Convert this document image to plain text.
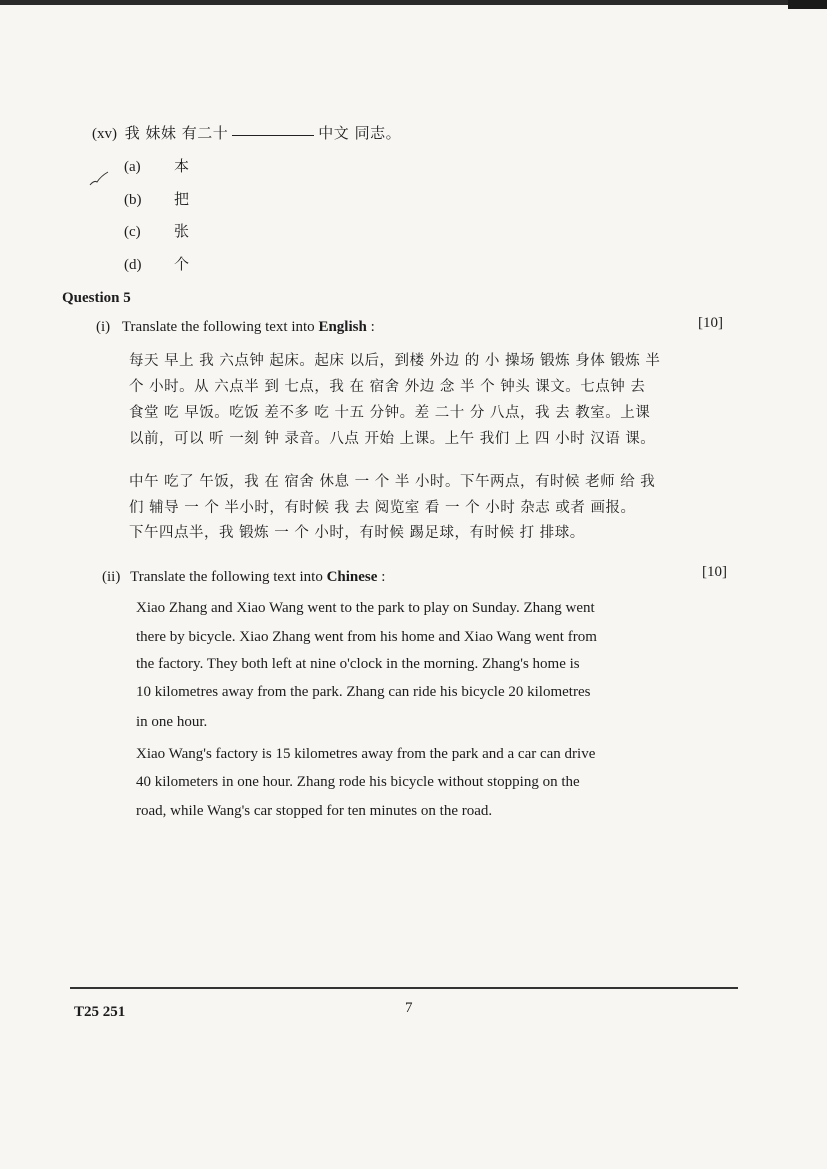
(xv) 我 妹妹 有二十	中文 同志。
(a) 本
(b) 把
(c) 张
(d) 个
Question 5
(i) Translate the following text into English :	[10]
每天 早上 我 六点钟 起床。起床 以后，到楼 外边 的 小 操场 锻炼 身体 锻炼 半
个 小时。从 六点半 到 七点，我 在 宿舍 外边 念 半 个 钟头 课文。七点钟 去
食堂 吃 早饭。吃饭 差不多 吃 十五 分钟。差 二十 分 八点，我 去 教室。上课
以前，可以 听 一刻 钟 录音。八点 开始 上课。上午 我们 上 四 小时 汉语 课。
中午 吃了 午饭，我 在 宿舍 休息 一 个 半 小时。下午两点，有时候 老师 给 我
们 辅导 一 个 半小时，有时候 我 去 阅览室 看 一 个 小时 杂志 或者 画报。
下午四点半，我 锻炼 一 个 小时，有时候 踢足球，有时候 打 排球。
(ii) Translate the following text into Chinese :	[10]
Xiao Zhang and Xiao Wang went to the park to play on Sunday. Zhang went
there by bicycle. Xiao Zhang went from his home and Xiao Wang went from
the factory. They both left at nine o'clock in the morning. Zhang's home is
10 kilometres away from the park. Zhang can ride his bicycle 20 kilometres
in one hour.
Xiao Wang's factory is 15 kilometres away from the park and a car can drive
40 kilometers in one hour. Zhang rode his bicycle without stopping on the
road, while Wang's car stopped for ten minutes on the road.
T25 251	7
